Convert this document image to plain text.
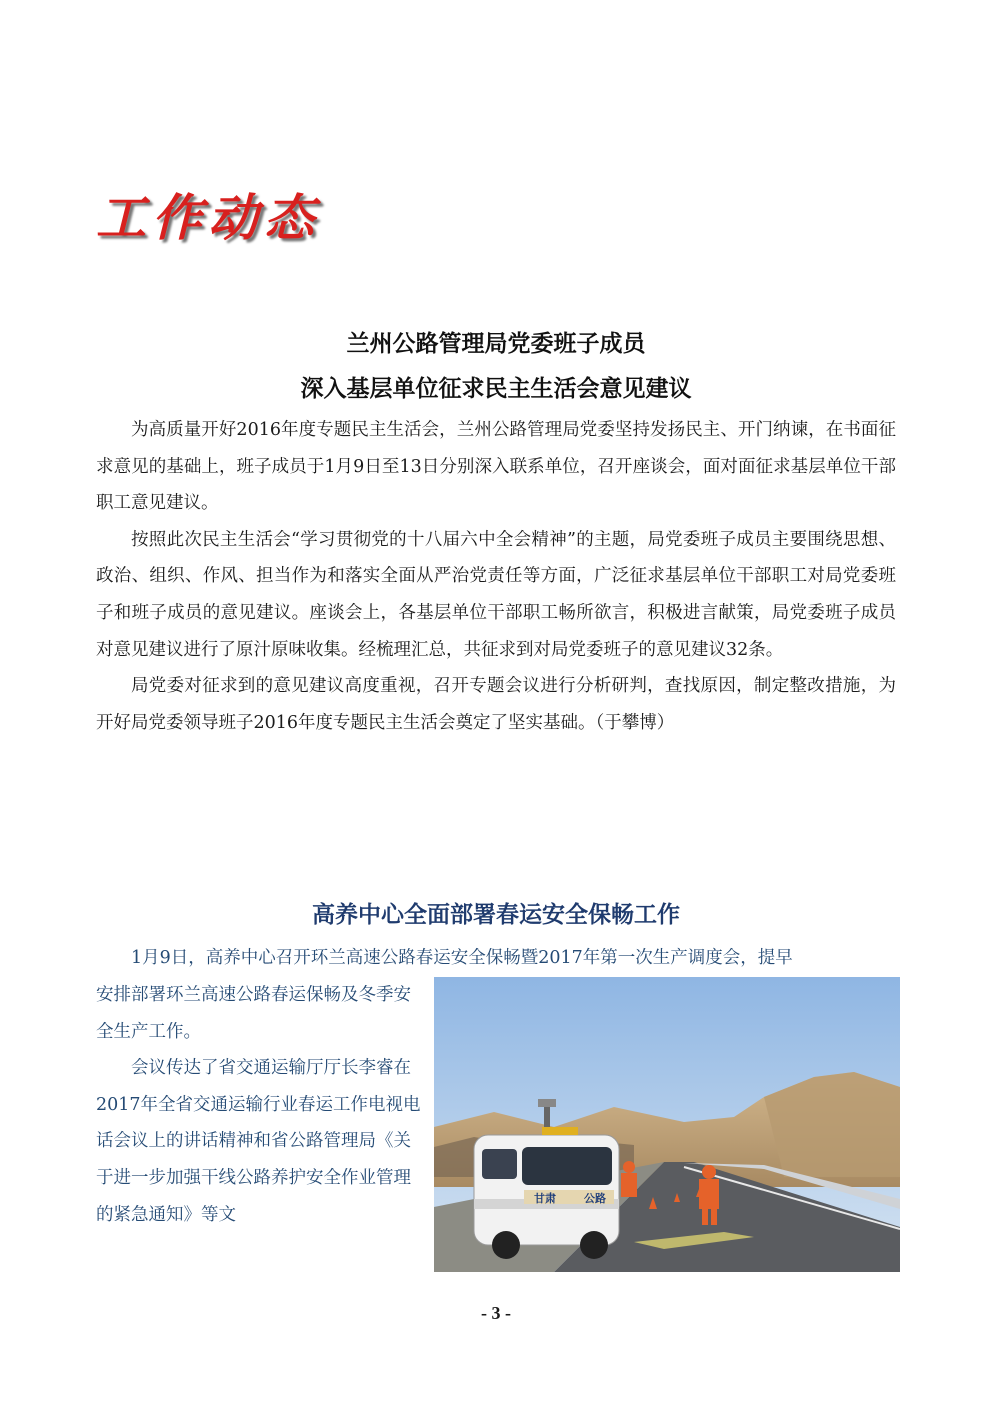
工作动态
兰州公路管理局党委班子成员
深入基层单位征求民主生活会意见建议

为高质量开好2016年度专题民主生活会，兰州公路管理局党委坚持发扬民主、开门纳谏，在书面征求意见的基础上，班子成员于1月9日至13日分别深入联系单位，召开座谈会，面对面征求基层单位干部职工意见建议。

按照此次民主生活会“学习贯彻党的十八届六中全会精神”的主题，局党委班子成员主要围绕思想、政治、组织、作风、担当作为和落实全面从严治党责任等方面，广泛征求基层单位干部职工对局党委班子和班子成员的意见建议。座谈会上，各基层单位干部职工畅所欲言，积极进言献策，局党委班子成员对意见建议进行了原汁原味收集。经梳理汇总，共征求到对局党委班子的意见建议32条。

局党委对征求到的意见建议高度重视，召开专题会议进行分析研判，查找原因，制定整改措施，为开好局党委领导班子2016年度专题民主生活会奠定了坚实基础。（于攀博）

高养中心全面部署春运安全保畅工作
1月9日，高养中心召开环兰高速公路春运安全保畅暨2017年第一次生产调度会，提早

安排部署环兰高速公路春运保畅及冬季安全生产工作。

会议传达了省交通运输厅厅长李睿在2017年全省交通运输行业春运工作电视电话会议上的讲话精神和省公路管理局《关于进一步加强干线公路养护安全作业管理的紧急通知》等文

甘肃	公路
- 3 -
